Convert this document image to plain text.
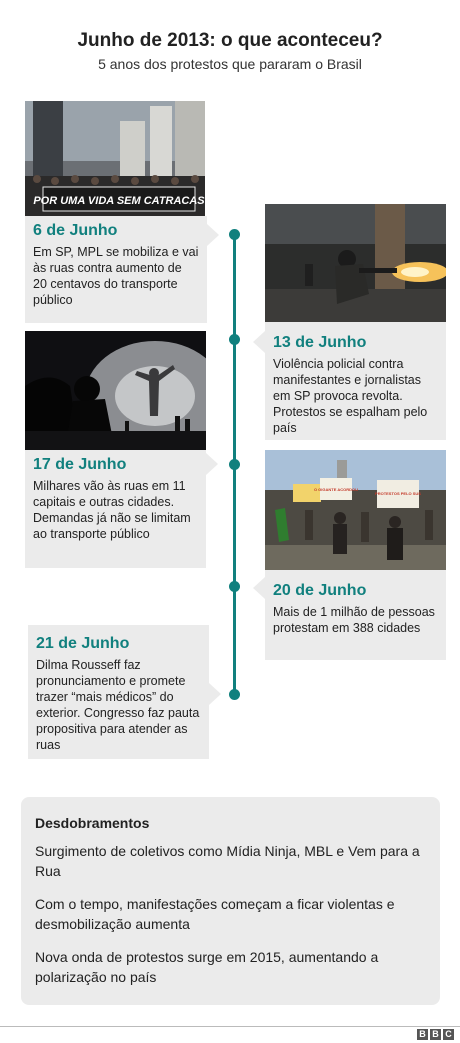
Junho de 2013: o que aconteceu?
5 anos dos protestos que pararam o Brasil
POR UMA VIDA SEM CATRACAS
6 de Junho
Em SP, MPL se mobiliza e vai às ruas contra aumento de 20 centavos do transporte público
13 de Junho
Violência policial contra manifestantes e jornalistas em SP provoca revolta. Protestos se espalham pelo país
17 de Junho
Milhares vão às ruas em 11 capitais e outras cidades. Demandas já não se limitam ao transporte público
O GIGANTE ACORDOU
PROTESTOS PELO SUS
20 de Junho
Mais de 1 milhão de pessoas protestam em 388 cidades
21 de Junho
Dilma Rousseff faz pronunciamento e promete trazer “mais médicos” do exterior. Congresso faz pauta propositiva para atender as ruas
Desdobramentos
Surgimento de coletivos como Mídia Ninja, MBL e Vem para a Rua
Com o tempo, manifestações começam a ficar violentas e desmobilização aumenta
Nova onda de protestos surge em 2015, aumentando a polarização no país
B B C
